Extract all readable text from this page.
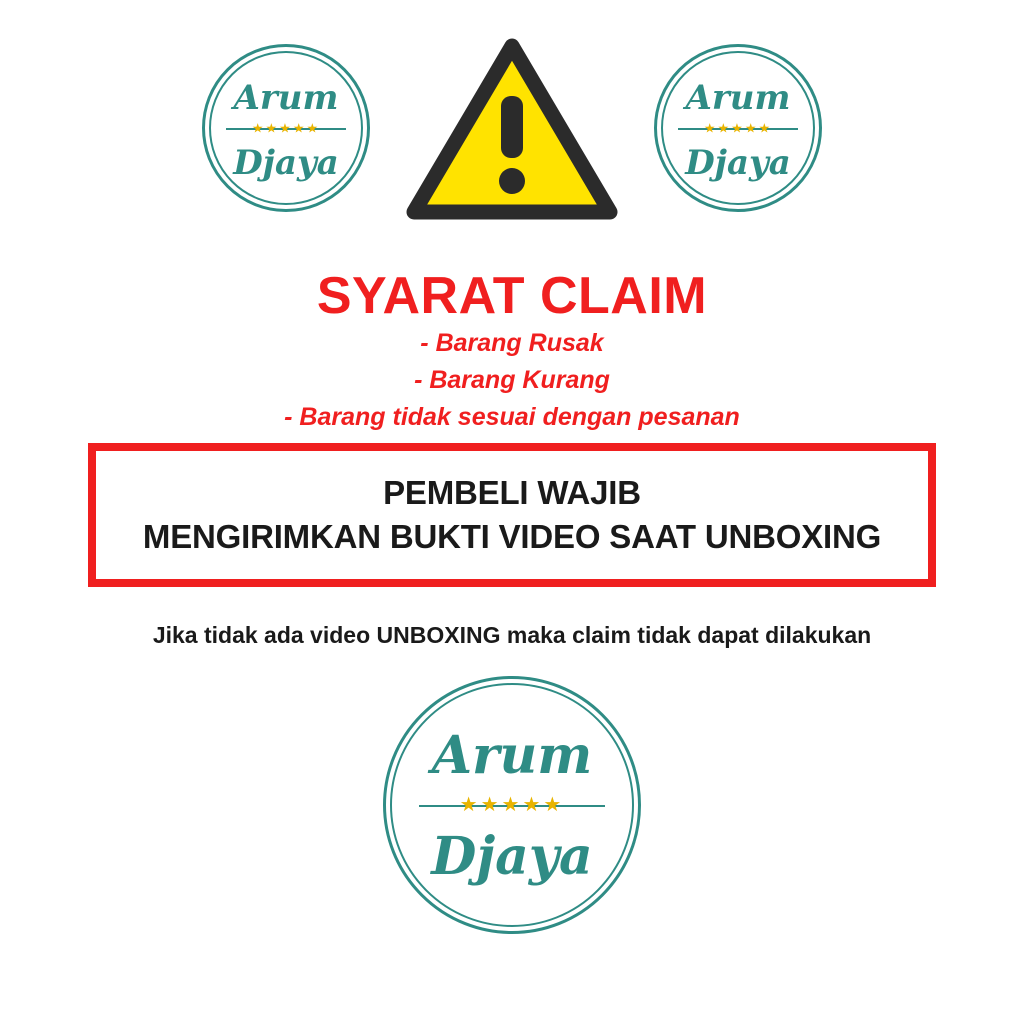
Arum
★★★★★
Djaya
Arum
★★★★★
Djaya
SYARAT CLAIM
- Barang Rusak
- Barang Kurang
- Barang tidak sesuai dengan pesanan
PEMBELI WAJIB
MENGIRIMKAN BUKTI VIDEO SAAT UNBOXING
Jika tidak ada video UNBOXING maka claim tidak dapat dilakukan
Arum
★★★★★
Djaya
